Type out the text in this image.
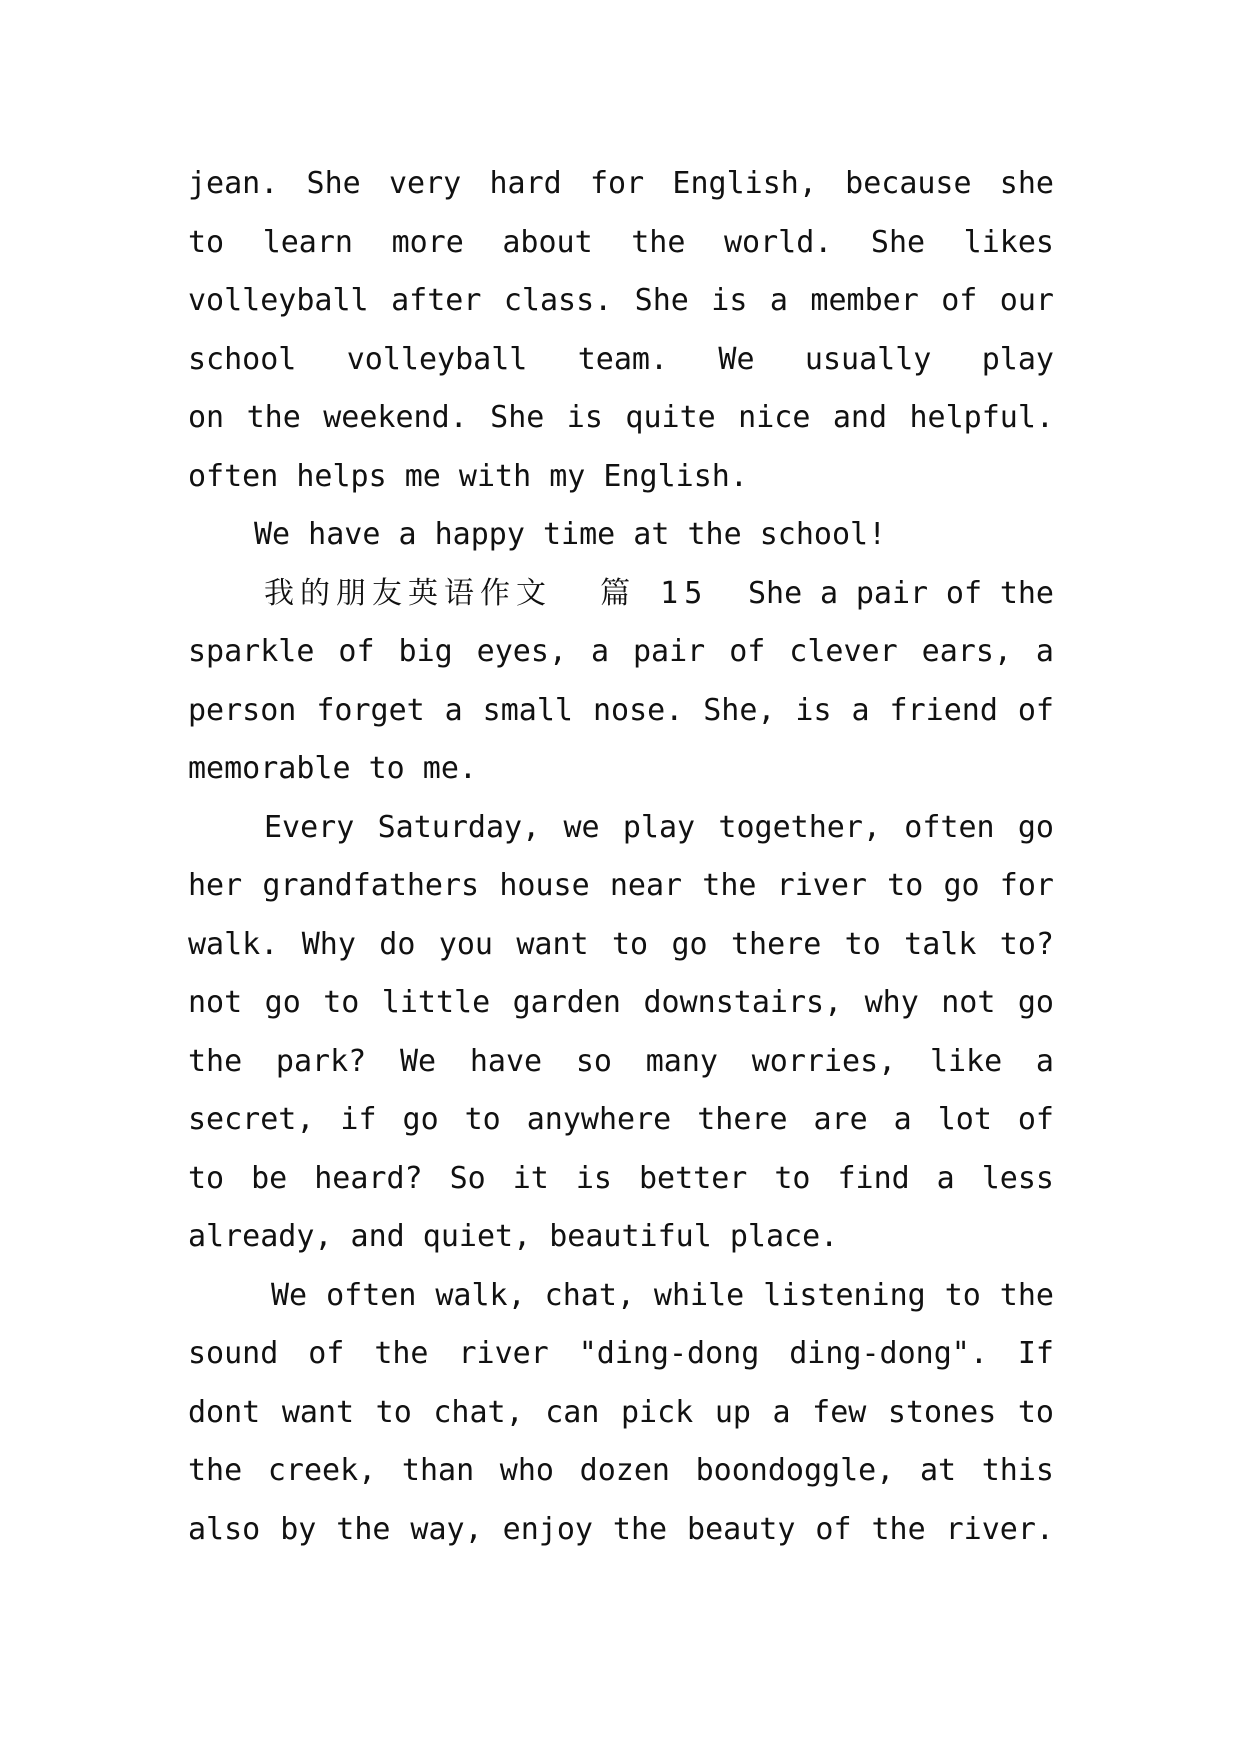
jean. She very hard for English, because she
to learn more about the world. She likes
volleyball after class. She is a member of our
school volleyball team. We usually play
on the weekend. She is quite nice and helpful.
often helps me with my English.
We have a happy time at the school!
我的朋友英语作文 篇 15 She a pair of the
sparkle of big eyes, a pair of clever ears, a
person forget a small nose. She, is a friend of
memorable to me.
Every Saturday, we play together, often go
her grandfathers house near the river to go for
walk. Why do you want to go there to talk to?
not go to little garden downstairs, why not go
the park? We have so many worries, like a
secret, if go to anywhere there are a lot of
to be heard? So it is better to find a less
already, and quiet, beautiful place.
We often walk, chat, while listening to the
sound of the river "ding-dong ding-dong". If
dont want to chat, can pick up a few stones to
the creek, than who dozen boondoggle, at this
also by the way, enjoy the beauty of the river.
